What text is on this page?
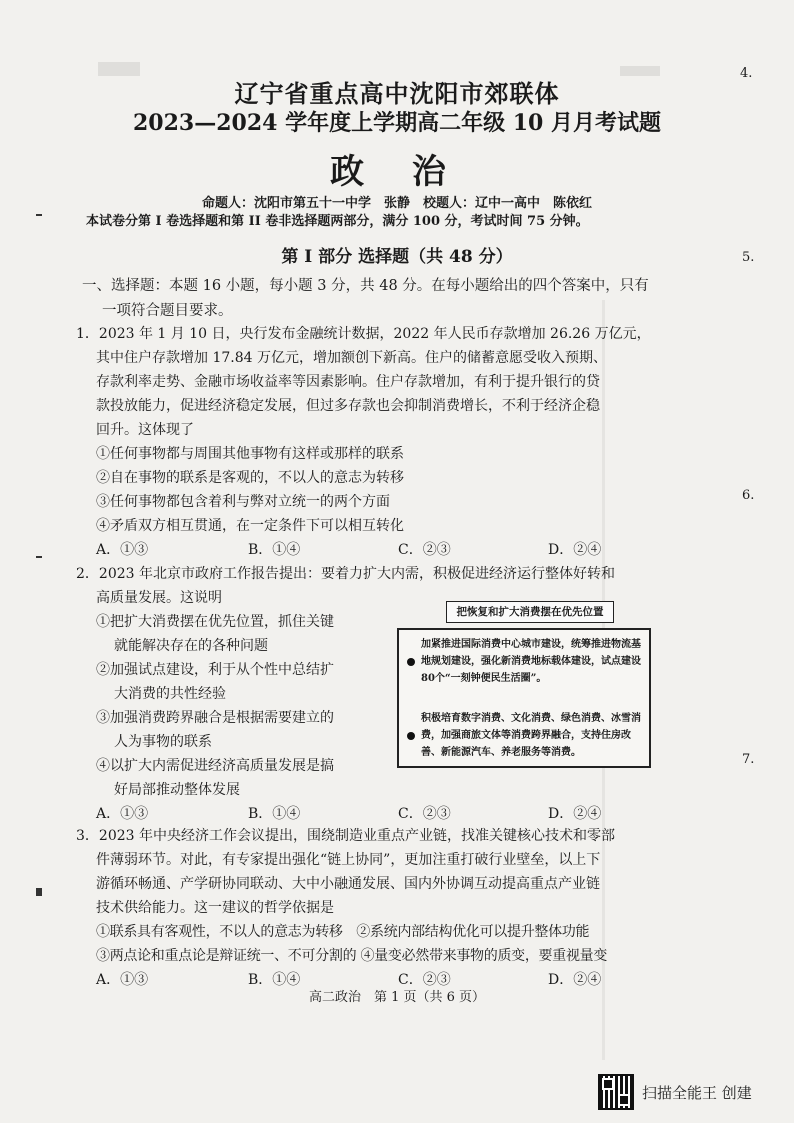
辽宁省重点高中沈阳市郊联体
2023—2024 学年度上学期高二年级 10 月月考试题
政 治
命题人：沈阳市第五十一中学　张静　校题人：辽中一高中　陈依红
本试卷分第 I 卷选择题和第 II 卷非选择题两部分，满分 100 分，考试时间 75 分钟。
第 I 部分 选择题（共 48 分）
一、选择题：本题 16 小题，每小题 3 分，共 48 分。在每小题给出的四个答案中，只有
一项符合题目要求。
1．2023 年 1 月 10 日，央行发布金融统计数据，2022 年人民币存款增加 26.26 万亿元，
其中住户存款增加 17.84 万亿元，增加额创下新高。住户的储蓄意愿受收入预期、
存款利率走势、金融市场收益率等因素影响。住户存款增加，有利于提升银行的贷
款投放能力，促进经济稳定发展，但过多存款也会抑制消费增长，不利于经济企稳
回升。这体现了
①任何事物都与周围其他事物有这样或那样的联系
②自在事物的联系是客观的，不以人的意志为转移
③任何事物都包含着利与弊对立统一的两个方面
④矛盾双方相互贯通，在一定条件下可以相互转化
A．①③	B．①④	C．②③	D．②④
2．2023 年北京市政府工作报告提出：要着力扩大内需，积极促进经济运行整体好转和
高质量发展。这说明
①把扩大消费摆在优先位置，抓住关键
就能解决存在的各种问题
②加强试点建设，利于从个性中总结扩
大消费的共性经验
③加强消费跨界融合是根据需要建立的
人为事物的联系
④以扩大内需促进经济高质量发展是搞
好局部推动整体发展
A．①③	B．①④	C．②③	D．②④
把恢复和扩大消费摆在优先位置
加紧推进国际消费中心城市建设，统筹推进物流基地规划建设，强化新消费地标载体建设，试点建设80个“一刻钟便民生活圈”。
积极培育数字消费、文化消费、绿色消费、冰雪消费，加强商旅文体等消费跨界融合，支持住房改善、新能源汽车、养老服务等消费。
3．2023 年中央经济工作会议提出，围绕制造业重点产业链，找准关键核心技术和零部
件薄弱环节。对此，有专家提出强化“链上协同”，更加注重打破行业壁垒，以上下
游循环畅通、产学研协同联动、大中小融通发展、国内外协调互动提高重点产业链
技术供给能力。这一建议的哲学依据是
①联系具有客观性，不以人的意志为转移　②系统内部结构优化可以提升整体功能
③两点论和重点论是辩证统一、不可分割的 ④量变必然带来事物的质变，要重视量变
A．①③	B．①④	C．②③	D．②④
4.
5.
6.
7.
高二政治　第 1 页（共 6 页）
扫描全能王 创建
